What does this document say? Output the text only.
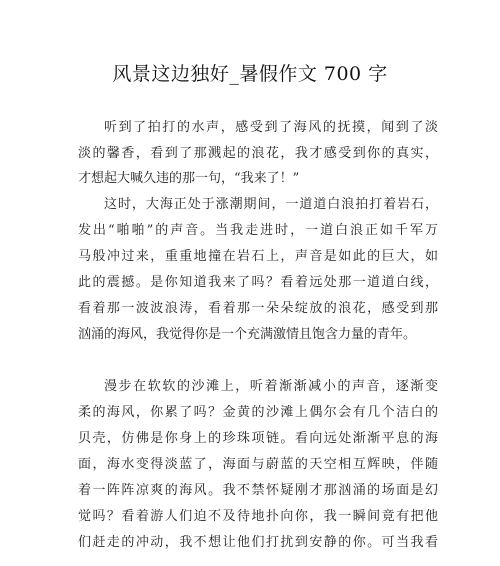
风景这边独好_暑假作文 700 字
听到了拍打的水声，感受到了海风的抚摸，闻到了淡
淡的馨香，看到了那溅起的浪花，我才感受到你的真实，
才想起大喊久违的那一句，“我来了！”
这时，大海正处于涨潮期间，一道道白浪拍打着岩石，
发出“啪啪”的声音。当我走进时，一道白浪正如千军万
马般冲过来，重重地撞在岩石上，声音是如此的巨大，如
此的震撼。是你知道我来了吗？看着远处那一道道白线，
看着那一波波浪涛，看着那一朵朵绽放的浪花，感受到那
汹涌的海风，我觉得你是一个充满激情且饱含力量的青年。
漫步在软软的沙滩上，听着渐渐减小的声音，逐渐变
柔的海风，你累了吗？金黄的沙滩上偶尔会有几个洁白的
贝壳，仿佛是你身上的珍珠项链。看向远处渐渐平息的海
面，海水变得淡蓝了，海面与蔚蓝的天空相互辉映，伴随
着一阵阵凉爽的海风。我不禁怀疑刚才那汹涌的场面是幻
觉吗？看着游人们迫不及待地扑向你，我一瞬间竟有把他
们赶走的冲动，我不想让他们打扰到安静的你。可当我看
